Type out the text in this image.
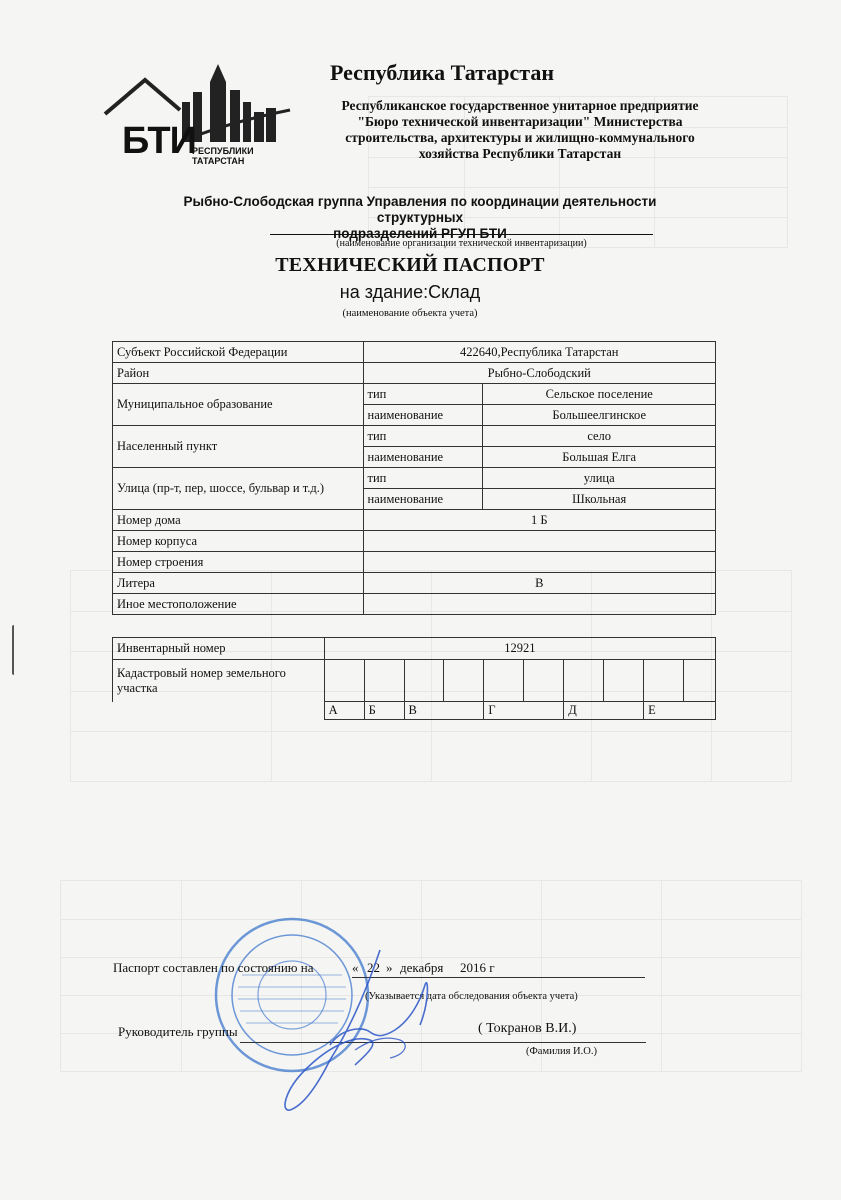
БТИ
РЕСПУБЛИКИ ТАТАРСТАН
Республика Татарстан
Республиканское государственное унитарное предприятие
"Бюро технической инвентаризации" Министерства
строительства, архитектуры и жилищно-коммунального
хозяйства Республики Татарстан
Рыбно-Слободская группа Управления по координации деятельности структурных
подразделений РГУП БТИ
(наименование организации технической инвентаризации)
ТЕХНИЧЕСКИЙ ПАСПОРТ
на здание:Склад
(наименование объекта учета)
Субъект Российской Федерации	422640,Республика Татарстан	
Район	Рыбно-Слободский	
Муниципальное образование	тип	Сельское поселение
	наименование	Большеелгинское
Населенный пункт	тип	село
	наименование	Большая Елга
Улица (пр-т, пер, шоссе, бульвар и т.д.)	тип	улица
	наименование	Школьная
Номер дома	1 Б	
Номер корпуса		
Номер строения		
Литера	В	
Иное местоположение		
Инвентарный номер	12921									
Кадастровый номер земельного участка										
	А	Б	В		Г		Д		Е	
Паспорт составлен по состоянию на	« 22 » декабря 2016 г
(Указывается дата обследования объекта учета)
Руководитель группы	( Токранов В.И.)
(Фамилия И.О.)
